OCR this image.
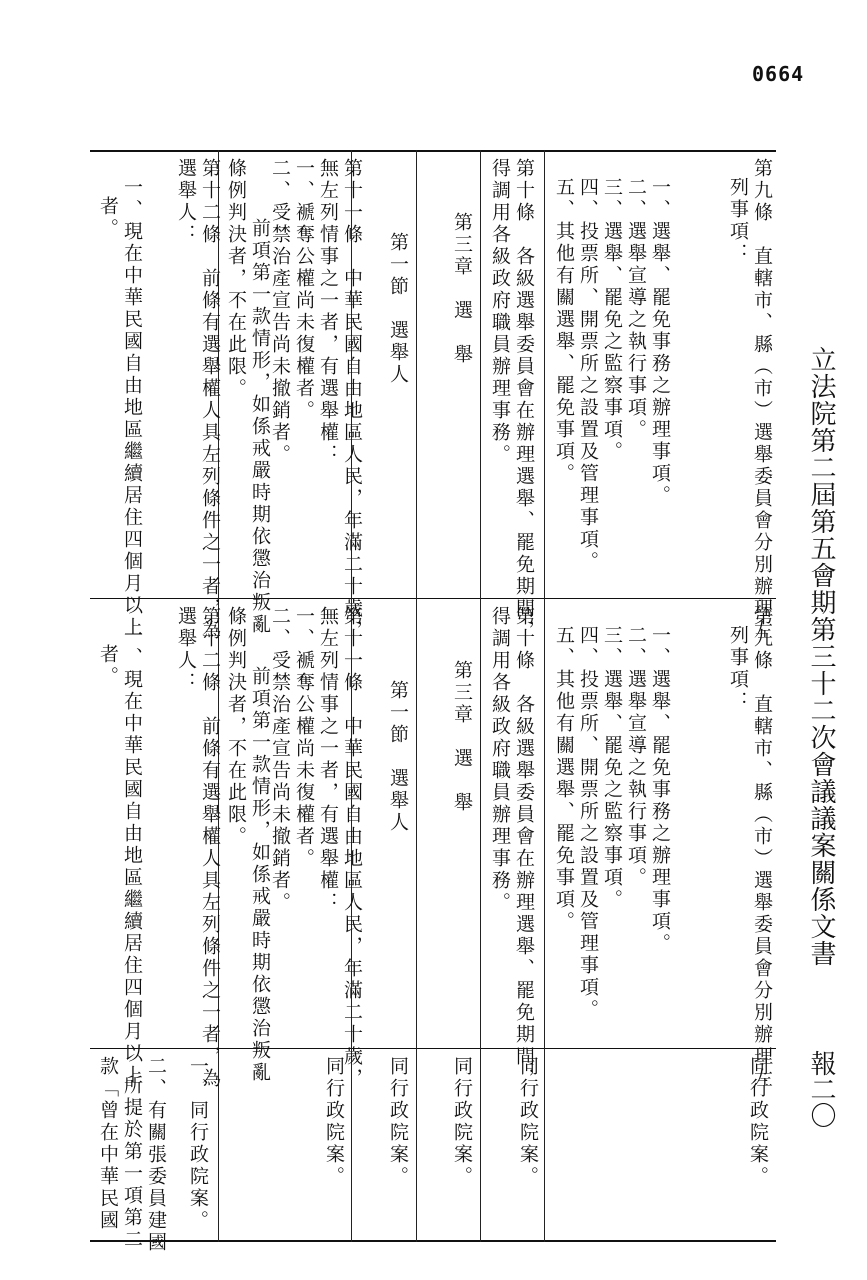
0664
立法院第二屆第五會期第三十二次會議議案關係文書
報二〇
第九條　直轄市、縣（市）選舉委員會分別辦理左
列事項：
第九條　直轄市、縣（市）選舉委員會分別辦理左
列事項：
同行政院案。
一、選舉、罷免事務之辦理事項。
二、選舉宣導之執行事項。
三、選舉、罷免之監察事項。
四、投票所、開票所之設置及管理事項。
五、其他有關選舉、罷免事項。
一、選舉、罷免事務之辦理事項。
二、選舉宣導之執行事項。
三、選舉、罷免之監察事項。
四、投票所、開票所之設置及管理事項。
五、其他有關選舉、罷免事項。
第十條　各級選舉委員會在辦理選舉、罷免期間，
得調用各級政府職員辦理事務。
第十條　各級選舉委員會在辦理選舉、罷免期間，
得調用各級政府職員辦理事務。
同行政院案。
第三章　選　舉
第三章　選　舉
同行政院案。
第一節　選舉人
第一節　選舉人
同行政院案。
第十一條　中華民國自由地區人民，年滿二十歲，
無左列情事之一者，有選舉權：
一、褫奪公權尚未復權者。
二、受禁治產宣告尚未撤銷者。
第十一條　中華民國自由地區人民，年滿二十歲，
無左列情事之一者，有選舉權：
一、褫奪公權尚未復權者。
二、受禁治產宣告尚未撤銷者。
同行政院案。
前項第一款情形，如係戒嚴時期依懲治叛亂
條例判決者，不在此限。
前項第一款情形，如係戒嚴時期依懲治叛亂
條例判決者，不在此限。
第十二條　前條有選舉權人具左列條件之一者，為
選舉人：
第十二條　前條有選舉權人具左列條件之一者，為
選舉人：
一、同行政院案。
一、現在中華民國自由地區繼續居住四個月以上
者。
一、現在中華民國自由地區繼續居住四個月以上
者。
二、有關張委員建國
所提於第一項第二
款「曾在中華民國
